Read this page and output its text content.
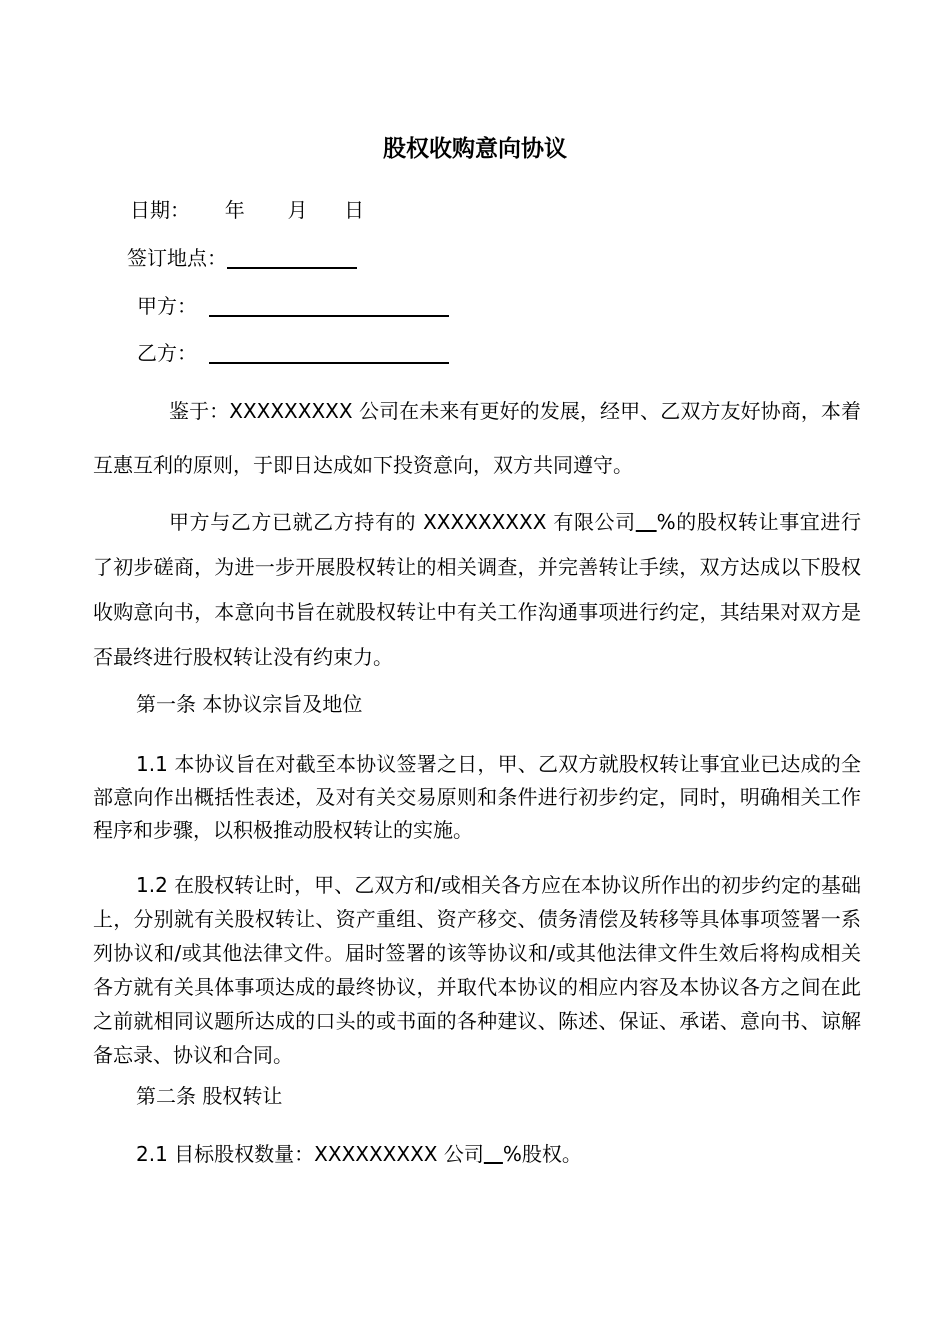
股权收购意向协议
日期： 年 月 日
签订地点：
甲方：
乙方：
鉴于：XXXXXXXXX 公司在未来有更好的发展，经甲、乙双方友好协商，本着互惠互利的原则，于即日达成如下投资意向，双方共同遵守。
甲方与乙方已就乙方持有的 XXXXXXXXX 有限公司 %的股权转让事宜进行了初步磋商，为进一步开展股权转让的相关调查，并完善转让手续，双方达成以下股权收购意向书，本意向书旨在就股权转让中有关工作沟通事项进行约定，其结果对双方是否最终进行股权转让没有约束力。
第一条 本协议宗旨及地位
1.1 本协议旨在对截至本协议签署之日，甲、乙双方就股权转让事宜业已达成的全部意向作出概括性表述，及对有关交易原则和条件进行初步约定，同时，明确相关工作程序和步骤，以积极推动股权转让的实施。
1.2 在股权转让时，甲、乙双方和/或相关各方应在本协议所作出的初步约定的基础上，分别就有关股权转让、资产重组、资产移交、债务清偿及转移等具体事项签署一系列协议和/或其他法律文件。届时签署的该等协议和/或其他法律文件生效后将构成相关各方就有关具体事项达成的最终协议，并取代本协议的相应内容及本协议各方之间在此之前就相同议题所达成的口头的或书面的各种建议、陈述、保证、承诺、意向书、谅解备忘录、协议和合同。
第二条 股权转让
2.1 目标股权数量：XXXXXXXXX 公司 %股权。
